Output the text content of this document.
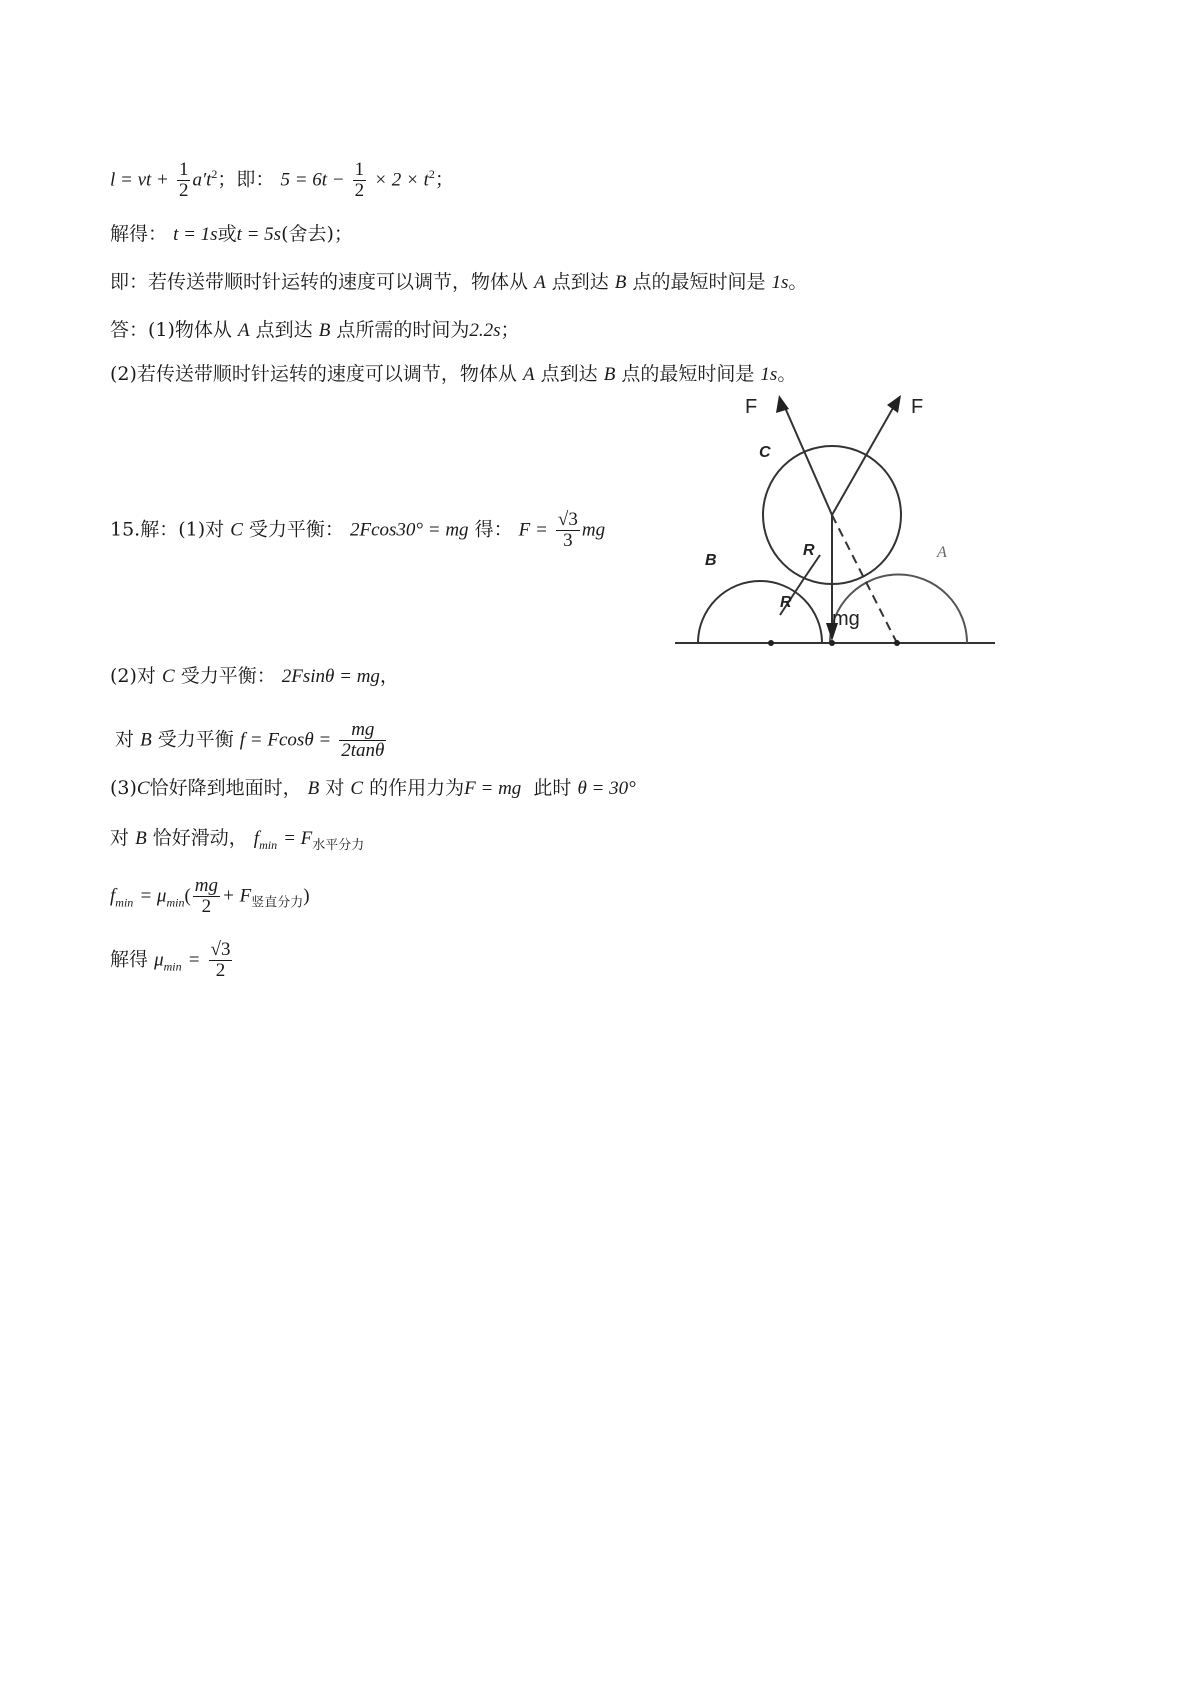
l = vt + $\frac{1}{2} a't^2$；即： $5 = 6t - \frac{1}{2} \times 2 \times t^2$；
解得： t = 1s或t = 5s(舍去)；
即：若传送带顺时针运转的速度可以调节，物体从 A 点到达 B 点的最短时间是 1s。
答：(1)物体从 A 点到达 B 点所需的时间为2.2s；
(2)若传送带顺时针运转的速度可以调节，物体从 A 点到达 B 点的最短时间是 1s。
15.解：(1)对 C 受力平衡： 2Fcos30° = mg 得： $F = \frac{√3}{3}$ mg
F	F
mg
C
B
R
R
A
(2)对 C 受力平衡： 2Fsinθ = mg，
对 B 受力平衡 $f = Fcos\theta = \frac{mg}{2\tan\theta}$
(3)C恰好降到地面时， B 对 C 的作用力为F = mg 此时 θ = 30°
对 B 恰好滑动， $f_{min} = F_{水平分力}$
$f_{min} = \mu_{min}( \frac{mg}{2} + F_{竖直分力})$
解得 $\mu_{min} = \frac{√3}{2}$
